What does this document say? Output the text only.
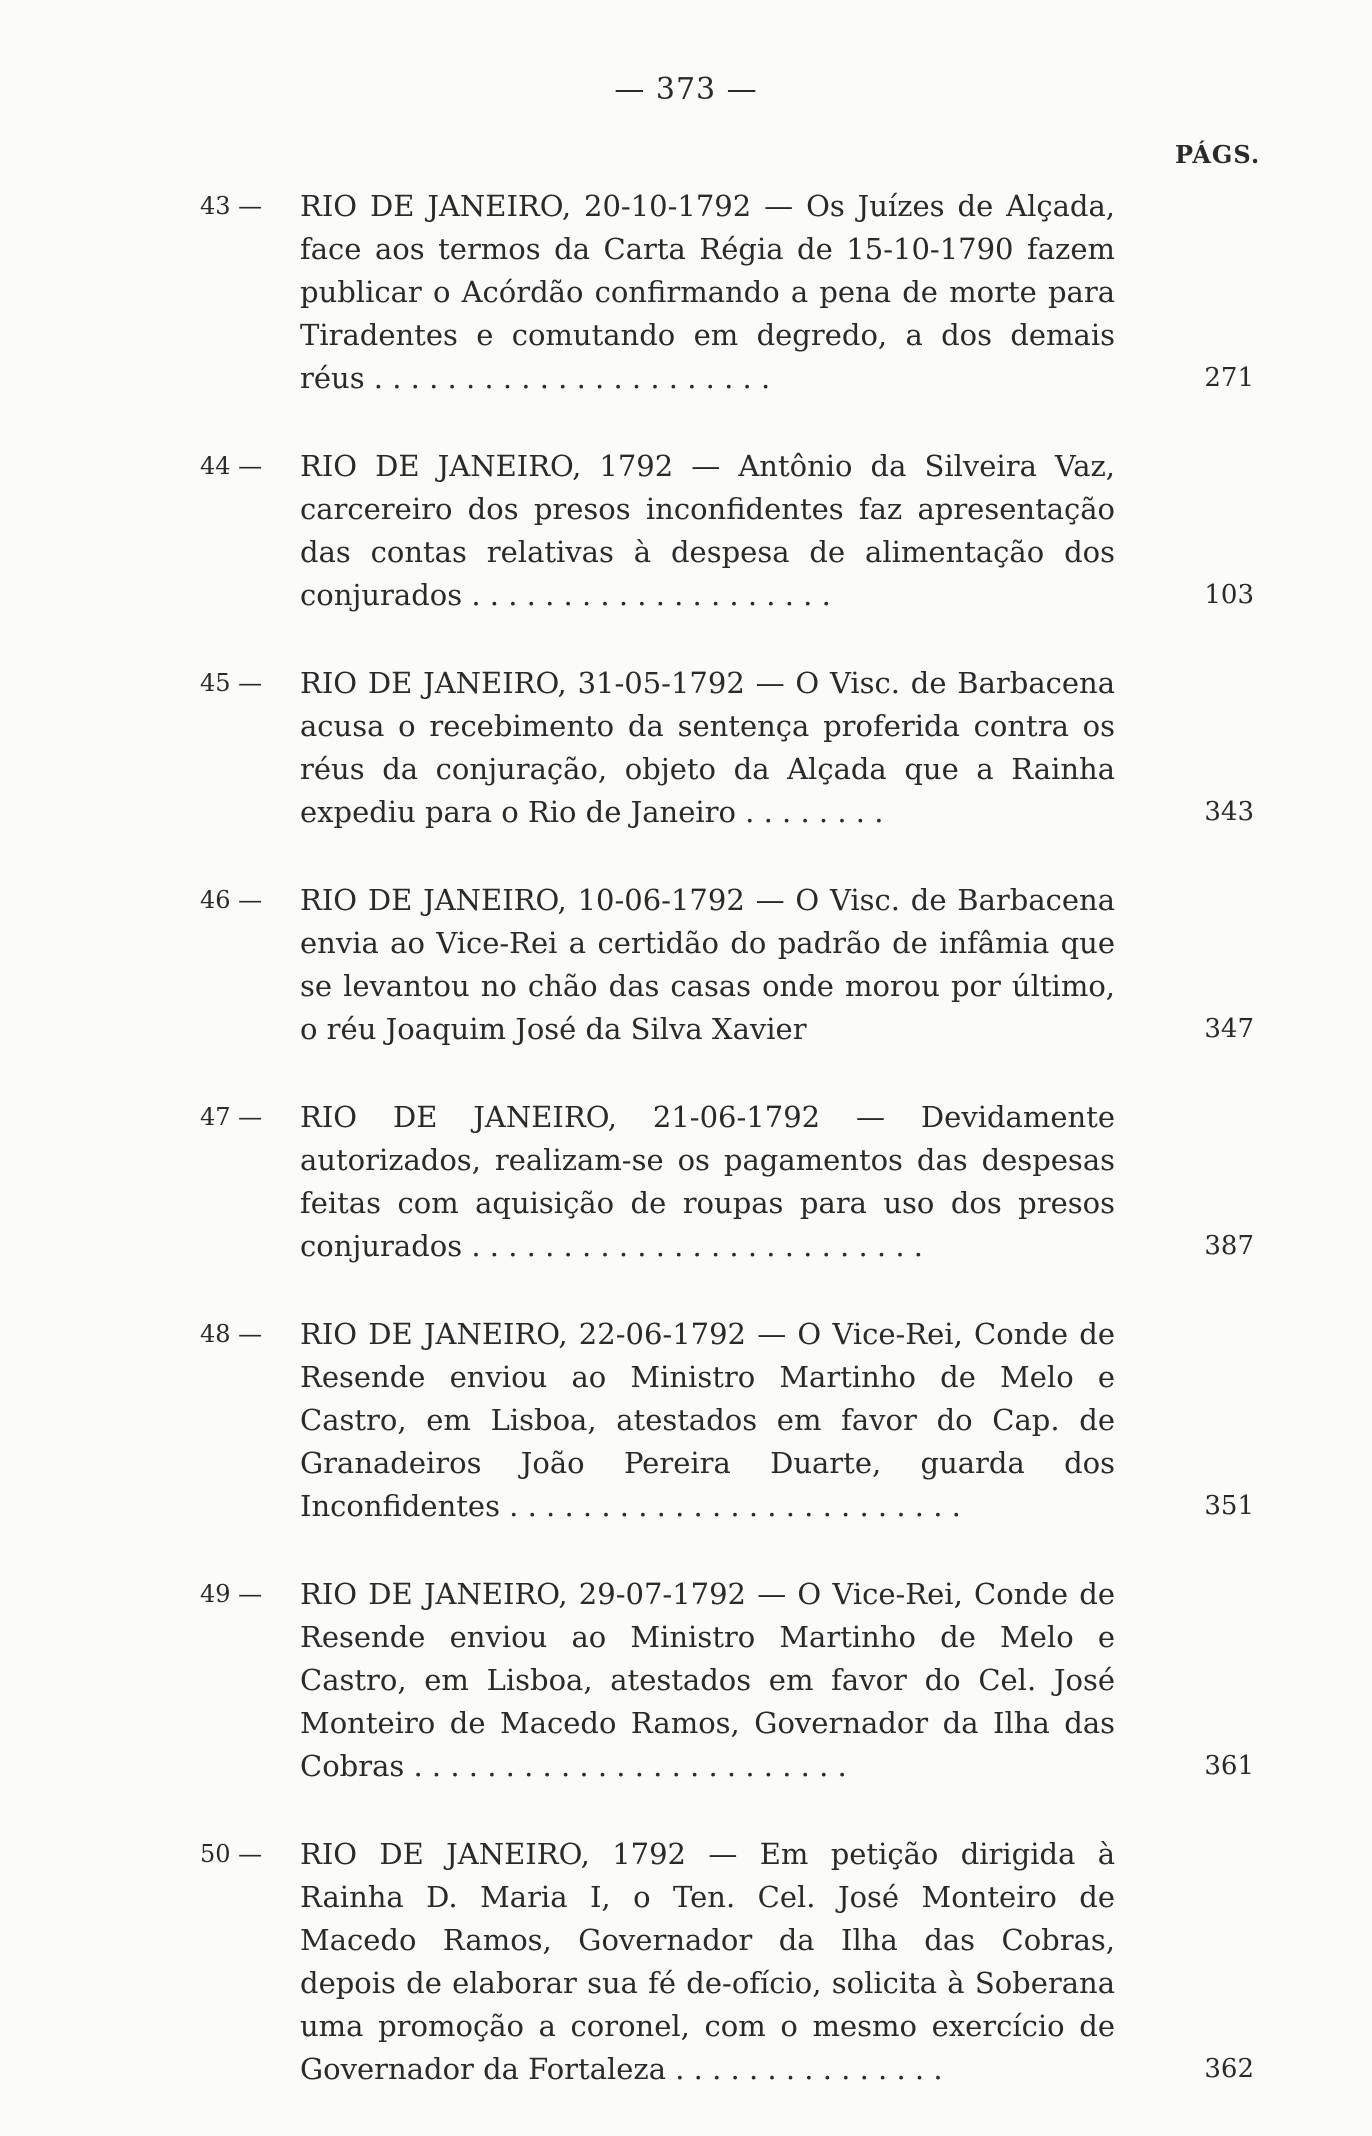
— 373 —
PÁGS.
43 —	RIO DE JANEIRO, 20-10-1792 — Os Juízes de Alçada, face aos termos da Carta Régia de 15-10-1790 fazem publicar o Acórdão confirmando a pena de morte para Tiradentes e comutando em degredo, a dos demais réus . . . . . . . . . . . . . . . . . . . . . .	271
44 —	RIO DE JANEIRO, 1792 — Antônio da Silveira Vaz, carcereiro dos presos inconfidentes faz apresentação das contas relativas à despesa de alimentação dos conjurados . . . . . . . . . . . . . . . . . . . .	103
45 —	RIO DE JANEIRO, 31-05-1792 — O Visc. de Barbacena acusa o recebimento da sentença proferida contra os réus da conjuração, objeto da Alçada que a Rainha expediu para o Rio de Janeiro . . . . . . . .	343
46 —	RIO DE JANEIRO, 10-06-1792 — O Visc. de Barbacena envia ao Vice-Rei a certidão do padrão de infâmia que se levantou no chão das casas onde morou por último, o réu Joaquim José da Silva Xavier	347
47 —	RIO DE JANEIRO, 21-06-1792 — Devidamente autorizados, realizam-se os pagamentos das despesas feitas com aquisição de roupas para uso dos presos conjurados . . . . . . . . . . . . . . . . . . . . . . . . .	387
48 —	RIO DE JANEIRO, 22-06-1792 — O Vice-Rei, Conde de Resende enviou ao Ministro Martinho de Melo e Castro, em Lisboa, atestados em favor do Cap. de Granadeiros João Pereira Duarte, guarda dos Inconfidentes . . . . . . . . . . . . . . . . . . . . . . . . .	351
49 —	RIO DE JANEIRO, 29-07-1792 — O Vice-Rei, Conde de Resende enviou ao Ministro Martinho de Melo e Castro, em Lisboa, atestados em favor do Cel. José Monteiro de Macedo Ramos, Governador da Ilha das Cobras . . . . . . . . . . . . . . . . . . . . . . . .	361
50 —	RIO DE JANEIRO, 1792 — Em petição dirigida à Rainha D. Maria I, o Ten. Cel. José Monteiro de Macedo Ramos, Governador da Ilha das Cobras, depois de elaborar sua fé de-ofício, solicita à Soberana uma promoção a coronel, com o mesmo exercício de Governador da Fortaleza . . . . . . . . . . . . . . .	362
